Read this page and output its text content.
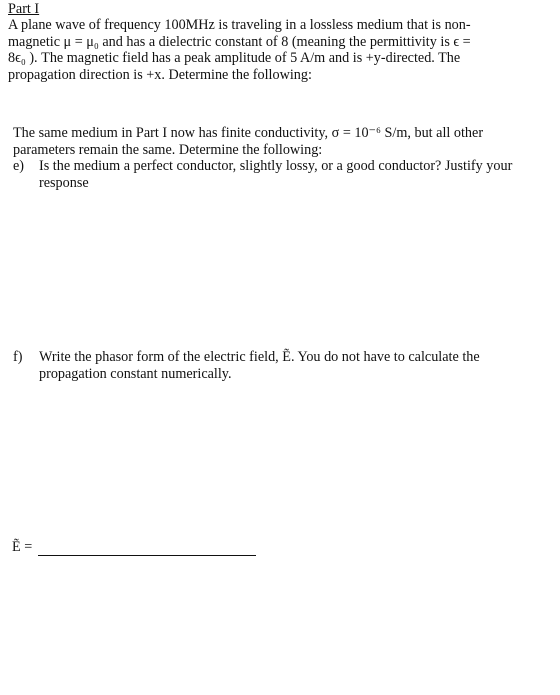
Part I
A plane wave of frequency 100MHz is traveling in a lossless medium that is non-
magnetic μ = μ₀ and has a dielectric constant of 8 (meaning the permittivity is ϵ =
8ϵ₀ ). The magnetic field has a peak amplitude of 5 A/m and is +y-directed. The
propagation direction is +x. Determine the following:
The same medium in Part I now has finite conductivity, σ = 10⁻⁶ S/m, but all other
parameters remain the same. Determine the following:
e)	Is the medium a perfect conductor, slightly lossy, or a good conductor? Justify your
response
f)	Write the phasor form of the electric field, Ẽ. You do not have to calculate the
propagation constant numerically.
Ẽ =
